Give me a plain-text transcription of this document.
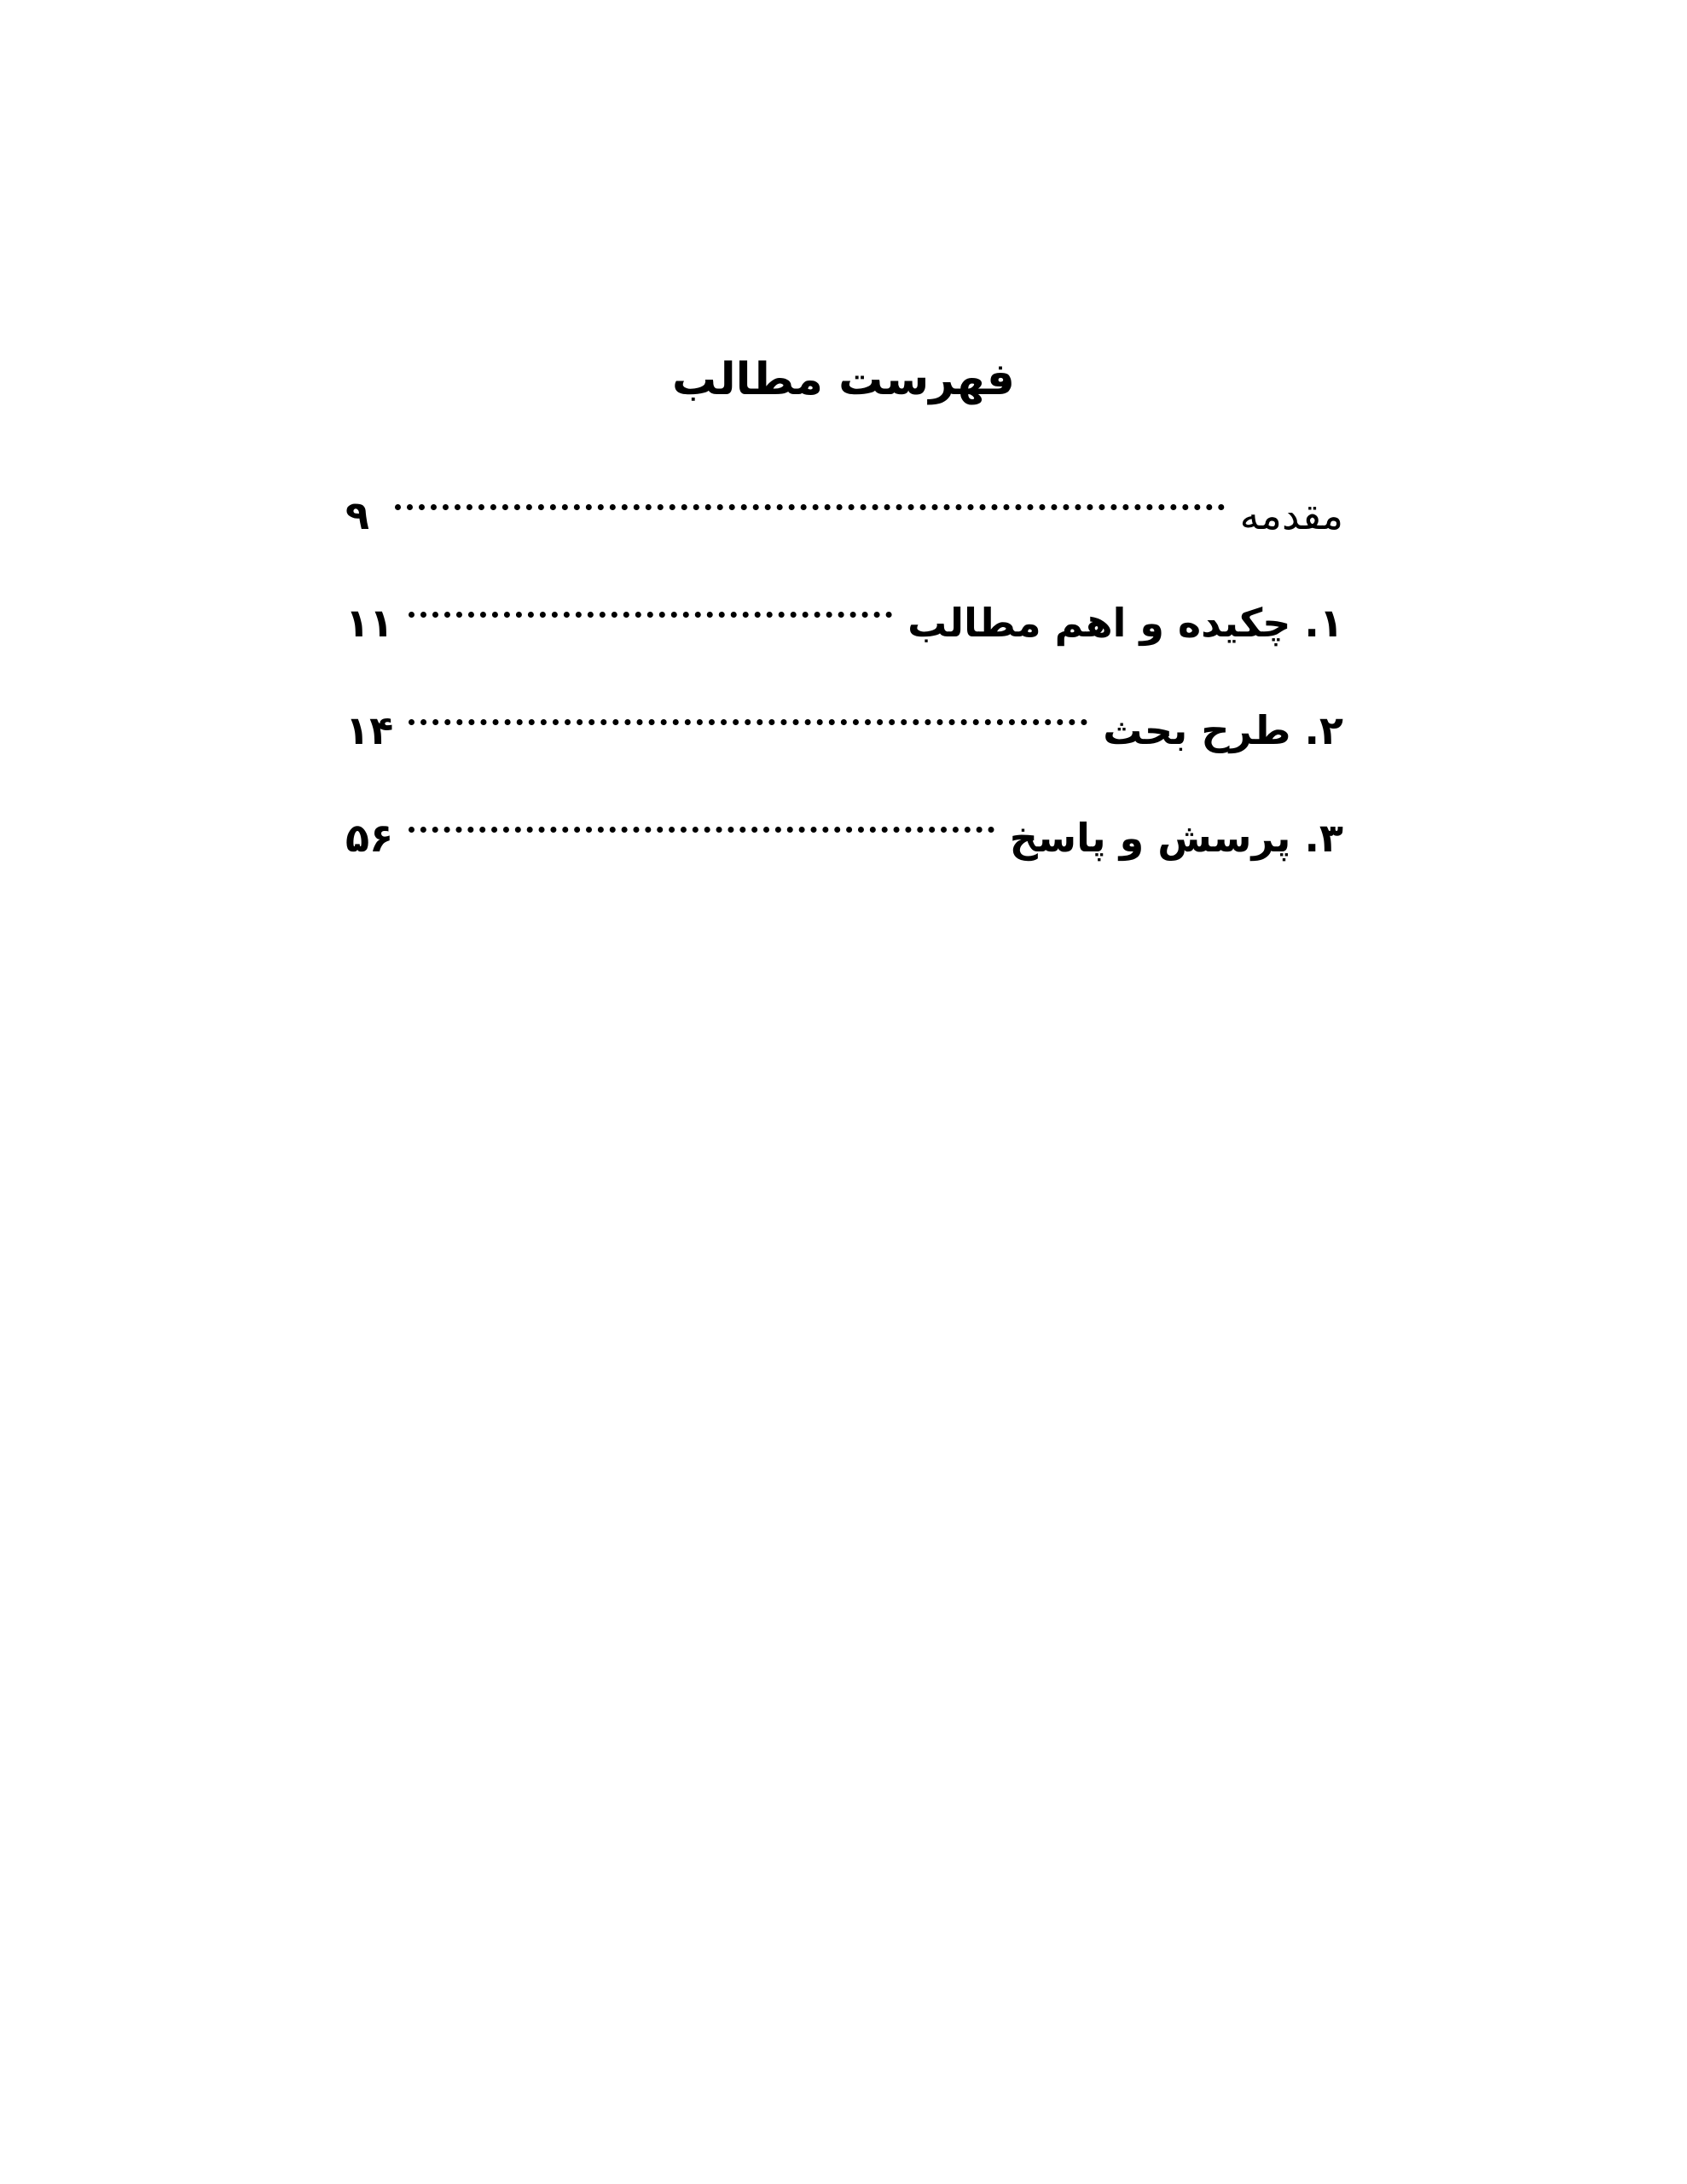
فهرست مطالب
مقدمه
۹
۱. چکیده و اهم مطالب
۱۱
۲. طرح بحث
۱۴
۳. پرسش و پاسخ
۵۶
